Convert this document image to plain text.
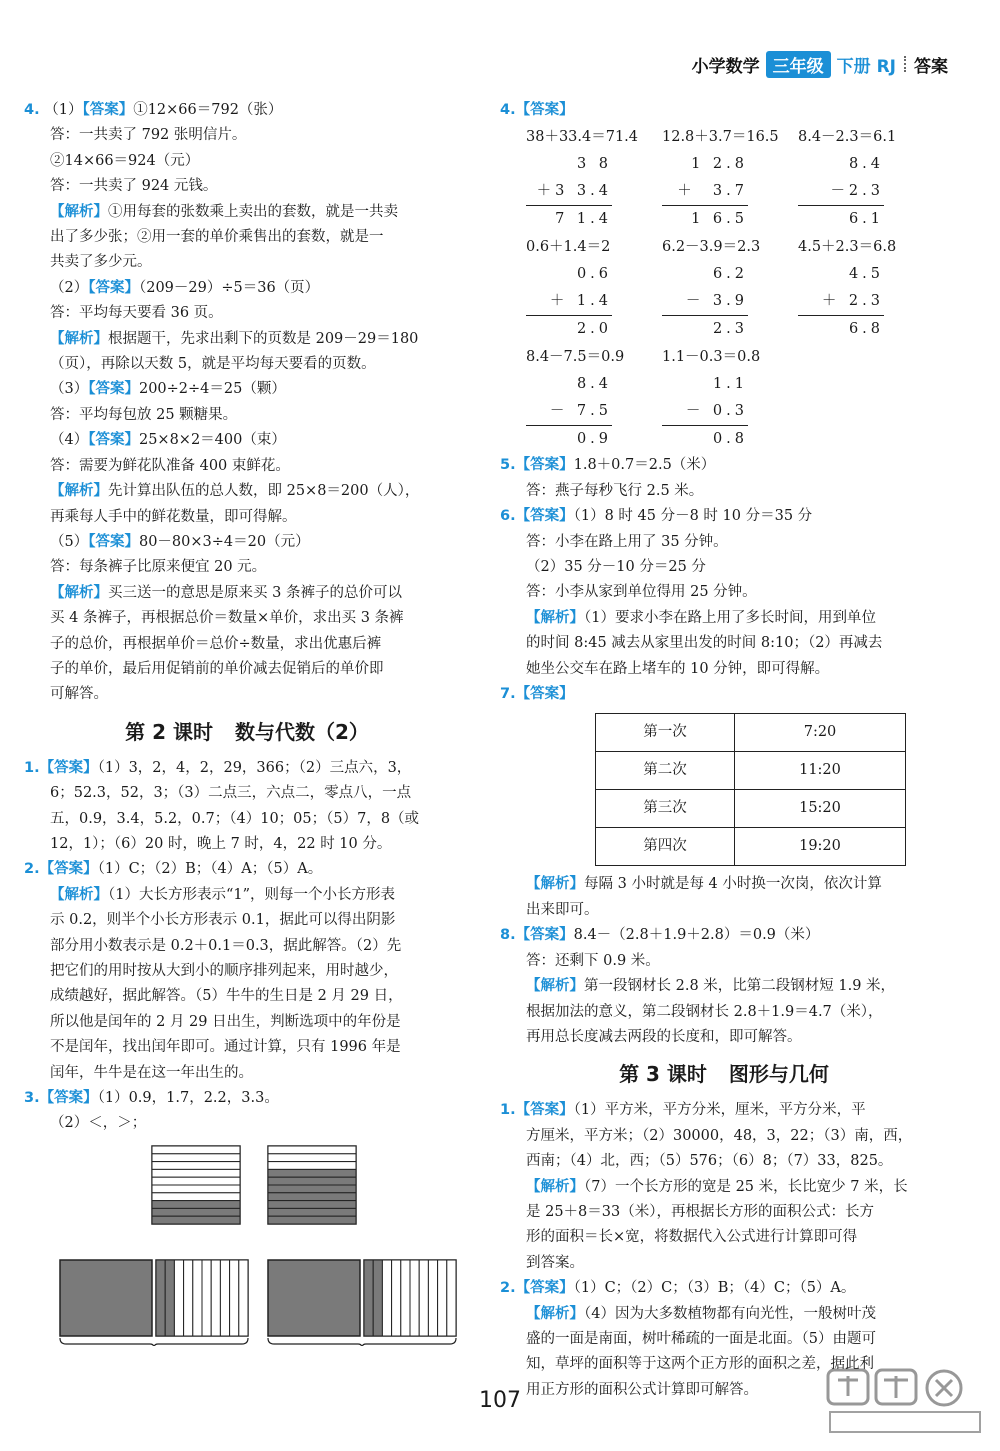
小学数学 三年级 下册 RJ 答案
4. （1）【答案】①12×66＝792（张）
答：一共卖了 792 张明信片。
②14×66＝924（元）
答：一共卖了 924 元钱。
【解析】①用每套的张数乘上卖出的套数，就是一共卖
出了多少张；②用一套的单价乘售出的套数，就是一
共卖了多少元。
（2）【答案】（209－29）÷5＝36（页）
答：平均每天要看 36 页。
【解析】根据题干，先求出剩下的页数是 209－29＝180
（页），再除以天数 5，就是平均每天要看的页数。
（3）【答案】200÷2÷4＝25（颗）
答：平均每包放 25 颗糖果。
（4）【答案】25×8×2＝400（束）
答：需要为鲜花队准备 400 束鲜花。
【解析】先计算出队伍的总人数，即 25×8＝200（人），
再乘每人手中的鲜花数量，即可得解。
（5）【答案】80－80×3÷4＝20（元）
答：每条裤子比原来便宜 20 元。
【解析】买三送一的意思是原来买 3 条裤子的总价可以
买 4 条裤子，再根据总价＝数量×单价，求出买 3 条裤
子的总价，再根据单价＝总价÷数量，求出优惠后裤
子的单价，最后用促销前的单价减去促销后的单价即
可解答。
第 2 课时 数与代数（2）
1.【答案】（1）3，2，4，2，29，366；（2）三点六，3，
6；52.3，52，3；（3）二点三，六点二，零点八，一点
五，0.9，3.4，5.2，0.7；（4）10；05；（5）7，8（或
12，1）；（6）20 时，晚上 7 时，4，22 时 10 分。
2.【答案】（1）C；（2）B；（4）A；（5）A。
【解析】（1）大长方形表示“1”，则每一个小长方形表
示 0.2，则半个小长方形表示 0.1，据此可以得出阴影
部分用小数表示是 0.2＋0.1＝0.3，据此解答。（2）先
把它们的用时按从大到小的顺序排列起来，用时越少，
成绩越好，据此解答。（5）牛牛的生日是 2 月 29 日，
所以他是闰年的 2 月 29 日出生，判断选项中的年份是
不是闰年，找出闰年即可。通过计算，只有 1996 年是
闰年，牛牛是在这一年出生的。
3.【答案】（1）0.9，1.7，2.2，3.3。
（2）＜，＞；
4.【答案】
38＋33.4＝71.4
3 8
＋3 3.4
7 1.4
12.8＋3.7＝16.5
1 2.8
＋  3.7
1 6.5
8.4－2.3＝6.1
8.4
－2.3
6.1
0.6＋1.4＝2
0.6
＋ 1.4
2.0
6.2－3.9＝2.3
6.2
－ 3.9
2.3
4.5＋2.3＝6.8
4.5
＋ 2.3
6.8
8.4－7.5＝0.9
8.4
－ 7.5
0.9
1.1－0.3＝0.8
1.1
－ 0.3
0.8
5.【答案】1.8＋0.7＝2.5（米）
答：燕子每秒飞行 2.5 米。
6.【答案】（1）8 时 45 分－8 时 10 分＝35 分
答：小李在路上用了 35 分钟。
（2）35 分－10 分＝25 分
答：小李从家到单位得用 25 分钟。
【解析】（1）要求小李在路上用了多长时间，用到单位
的时间 8:45 减去从家里出发的时间 8:10；（2）再减去
她坐公交车在路上堵车的 10 分钟，即可得解。
7.【答案】
第一次	7:20
第二次	11:20
第三次	15:20
第四次	19:20
【解析】每隔 3 小时就是每 4 小时换一次岗，依次计算
出来即可。
8.【答案】8.4－（2.8＋1.9＋2.8）＝0.9（米）
答：还剩下 0.9 米。
【解析】第一段钢材长 2.8 米，比第二段钢材短 1.9 米，
根据加法的意义，第二段钢材长 2.8＋1.9＝4.7（米），
再用总长度减去两段的长度和，即可解答。
第 3 课时 图形与几何
1.【答案】（1）平方米，平方分米，厘米，平方分米，平
方厘米，平方米；（2）30000，48，3，22；（3）南，西，
西南；（4）北，西；（5）576；（6）8；（7）33，825。
【解析】（7）一个长方形的宽是 25 米，长比宽少 7 米，长
是 25＋8＝33（米），再根据长方形的面积公式：长方
形的面积＝长×宽，将数据代入公式进行计算即可得
到答案。
2.【答案】（1）C；（2）C；（3）B；（4）C；（5）A。
【解析】（4）因为大多数植物都有向光性，一般树叶茂
盛的一面是南面，树叶稀疏的一面是北面。（5）由题可
知，草坪的面积等于这两个正方形的面积之差，据此利
用正方形的面积公式计算即可解答。
107
